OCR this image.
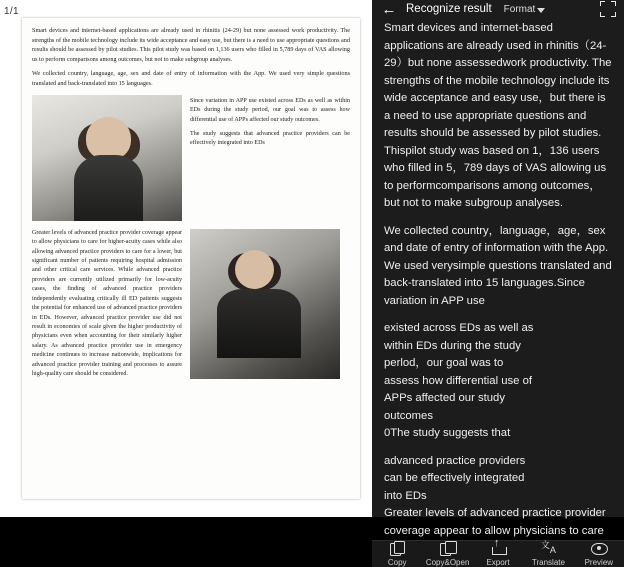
1/1

Smart devices and internet-based applications are already used in rhinitis (24-29) but none assessed work productivity. The strengths of the mobile technology include its wide acceptance and easy use, but there is a need to use appropriate questions and results should be assessed by pilot studies. This pilot study was based on 1,136 users who filled in 5,789 days of VAS allowing us to perform comparisons among outcomes, but not to make subgroup analyses.

We collected country, language, age, sex and date of entry of information with the App. We used very simple questions translated and back-translated into 15 languages.

Since variation in APP use existed across EDs as well as within EDs during the study period, our goal was to assess how differential use of APPs affected our study outcomes.

The study suggests that advanced practice providers can be effectively integrated into EDs

Greater levels of advanced practice provider coverage appear to allow physicians to care for higher-acuity cases while also allowing advanced practice providers to care for a lower, but significant number of patients requiring hospital admission and other critical care services. While advanced practice providers are currently utilized primarily for low-acuity cases, the finding of advanced practice providers independently evaluating critically ill ED patients suggests the potential for enhanced use of advanced practice providers in EDs. However, advanced practice provider use did not result in economies of scale given the higher productivity of physicians even when accounting for their similarly higher salary. As advanced practice provider use in emergency medicine continues to increase nationwide, implications for advanced practice provider training and processes to assure high-quality care should be considered.

← Recognize result Format

Smart devices and internet-based applications are already used in rhinitis（24-29）but none assessedwork productivity. The strengths of the mobile technology include its wide acceptance and easy use，but there is a need to use appropriate questions and results should be assessed by pilot studies. Thispilot study was based on 1，136 users who filled in 5，789 days of VAS allowing us to performcomparisons among outcomes，but not to make subgroup analyses.

We collected country，language，age，sex and date of entry of information with the App. We used verysimple questions translated and back-translated into 15 languages.Since variation in APP use

existed across EDs as well as

within EDs during the study

perlod，our goal was to

assess how differential use of

APPs affected our study

outcomes

0The study suggests that

advanced practice providers

can be effectively integrated

into EDs

Greater levels of advanced practice provider

coverage appear to allow physicians to care

Copy Copy&Open
↑ Export
文 A	Translate Preview
